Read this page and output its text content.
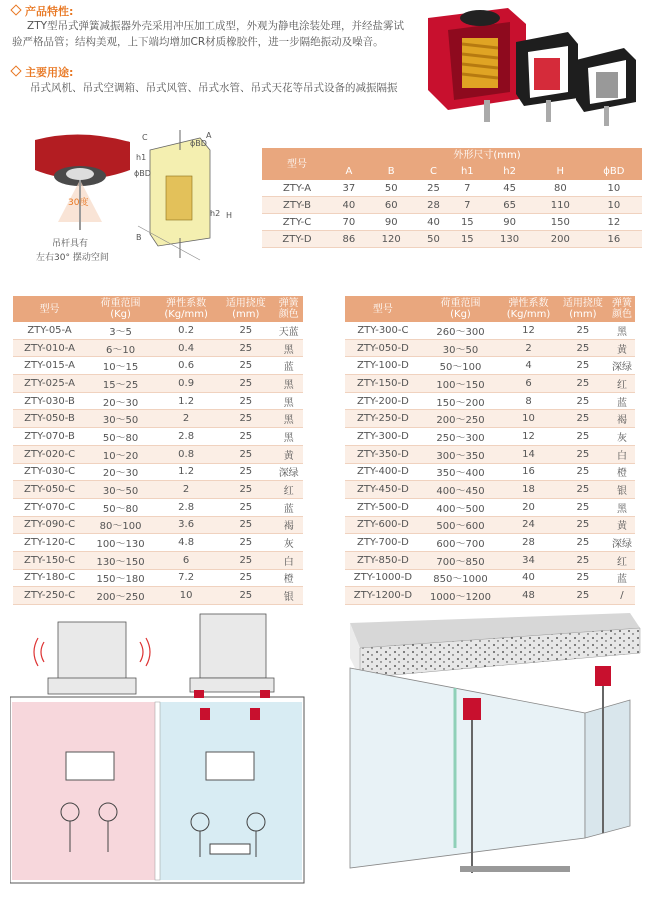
产品特性:
ZTY型吊式弹簧减振器外壳采用冲压加工成型，外观为静电涂装处理，并经盐雾试验严格品管；结构美观，上下端均增加CR材质橡胶件，进一步隔绝振动及噪音。
主要用途:
吊式风机、吊式空调箱、吊式风管、吊式水管、吊式天花等吊式设备的减振隔振
30度
吊杆具有
左右30° 摆动空间
C	A
h1
ϕBD
ϕBD
h2 H
B
型号	外形尺寸(mm)						
	A	B	C	h1	h2	H	ϕBD
ZTY-A	37	50	25	7	45	80	10
ZTY-B	40	60	28	7	65	110	10
ZTY-C	70	90	40	15	90	150	12
ZTY-D	86	120	50	15	130	200	16
型号	荷重范围
(Kg)	弹性系数
(Kg/mm)	适用挠度
(mm)	弹簧
颜色
ZTY-05-A	3～5	0.2	25	天蓝
ZTY-010-A	6～10	0.4	25	黑
ZTY-015-A	10～15	0.6	25	蓝
ZTY-025-A	15～25	0.9	25	黑
ZTY-030-B	20～30	1.2	25	黑
ZTY-050-B	30～50	2	25	黑
ZTY-070-B	50～80	2.8	25	黑
ZTY-020-C	10～20	0.8	25	黄
ZTY-030-C	20～30	1.2	25	深绿
ZTY-050-C	30～50	2	25	红
ZTY-070-C	50～80	2.8	25	蓝
ZTY-090-C	80～100	3.6	25	褐
ZTY-120-C	100～130	4.8	25	灰
ZTY-150-C	130～150	6	25	白
ZTY-180-C	150～180	7.2	25	橙
ZTY-250-C	200～250	10	25	银
型号	荷重范围
(Kg)	弹性系数
(Kg/mm)	适用挠度
(mm)	弹簧
颜色
ZTY-300-C	260～300	12	25	黑
ZTY-050-D	30～50	2	25	黄
ZTY-100-D	50～100	4	25	深绿
ZTY-150-D	100～150	6	25	红
ZTY-200-D	150～200	8	25	蓝
ZTY-250-D	200～250	10	25	褐
ZTY-300-D	250～300	12	25	灰
ZTY-350-D	300～350	14	25	白
ZTY-400-D	350～400	16	25	橙
ZTY-450-D	400～450	18	25	银
ZTY-500-D	400～500	20	25	黑
ZTY-600-D	500～600	24	25	黄
ZTY-700-D	600～700	28	25	深绿
ZTY-850-D	700～850	34	25	红
ZTY-1000-D	850～1000	40	25	蓝
ZTY-1200-D	1000～1200	48	25	/
